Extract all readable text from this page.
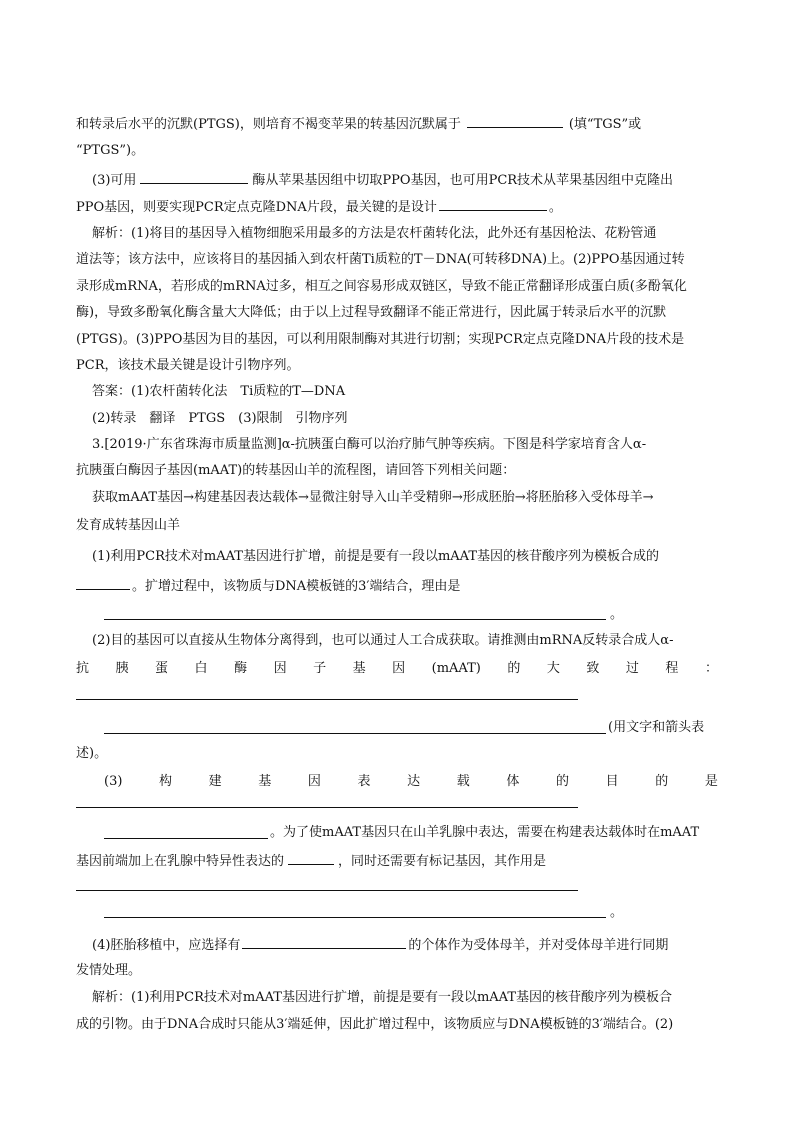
和转录后水平的沉默(PTGS)，则培育不褐变苹果的转基因沉默属于	(填“TGS”或
“PTGS”)。
(3)可用	酶从苹果基因组中切取PPO基因，也可用PCR技术从苹果基因组中克隆出
PPO基因，则要实现PCR定点克隆DNA片段，最关键的是设计	。
解析：(1)将目的基因导入植物细胞采用最多的方法是农杆菌转化法，此外还有基因枪法、花粉管通
道法等；该方法中，应该将目的基因插入到农杆菌Ti质粒的T－DNA(可转移DNA)上。(2)PPO基因通过转
录形成mRNA，若形成的mRNA过多，相互之间容易形成双链区，导致不能正常翻译形成蛋白质(多酚氧化
酶)，导致多酚氧化酶含量大大降低；由于以上过程导致翻译不能正常进行，因此属于转录后水平的沉默
(PTGS)。(3)PPO基因为目的基因，可以利用限制酶对其进行切割；实现PCR定点克隆DNA片段的技术是
PCR，该技术最关键是设计引物序列。
答案：(1)农杆菌转化法　Ti质粒的T—DNA
(2)转录　翻译　PTGS　(3)限制　引物序列
3.[2019·广东省珠海市质量监测]α-抗胰蛋白酶可以治疗肺气肿等疾病。下图是科学家培育含人α-
抗胰蛋白酶因子基因(mAAT)的转基因山羊的流程图，请回答下列相关问题：
获取mAAT基因→构建基因表达载体→显微注射导入山羊受精卵→形成胚胎→将胚胎移入受体母羊→
发育成转基因山羊
(1)利用PCR技术对mAAT基因进行扩增，前提是要有一段以mAAT基因的核苷酸序列为模板合成的
。扩增过程中，该物质与DNA模板链的3′端结合，理由是
。
(2)目的基因可以直接从生物体分离得到，也可以通过人工合成获取。请推测由mRNA反转录合成人α-
抗 胰 蛋 白 酶 因 子 基 因 (mAAT) 的 大 致 过 程 ：
(用文字和箭头表
述)。
(3)	构	建	基	因	表	达	载	体	的	目	的	是
。为了使mAAT基因只在山羊乳腺中表达，需要在构建表达载体时在mAAT
基因前端加上在乳腺中特异性表达的	，同时还需要有标记基因，其作用是
。
(4)胚胎移植中，应选择有	的个体作为受体母羊，并对受体母羊进行同期
发情处理。
解析：(1)利用PCR技术对mAAT基因进行扩增，前提是要有一段以mAAT基因的核苷酸序列为模板合
成的引物。由于DNA合成时只能从3′端延伸，因此扩增过程中，该物质应与DNA模板链的3′端结合。(2)
